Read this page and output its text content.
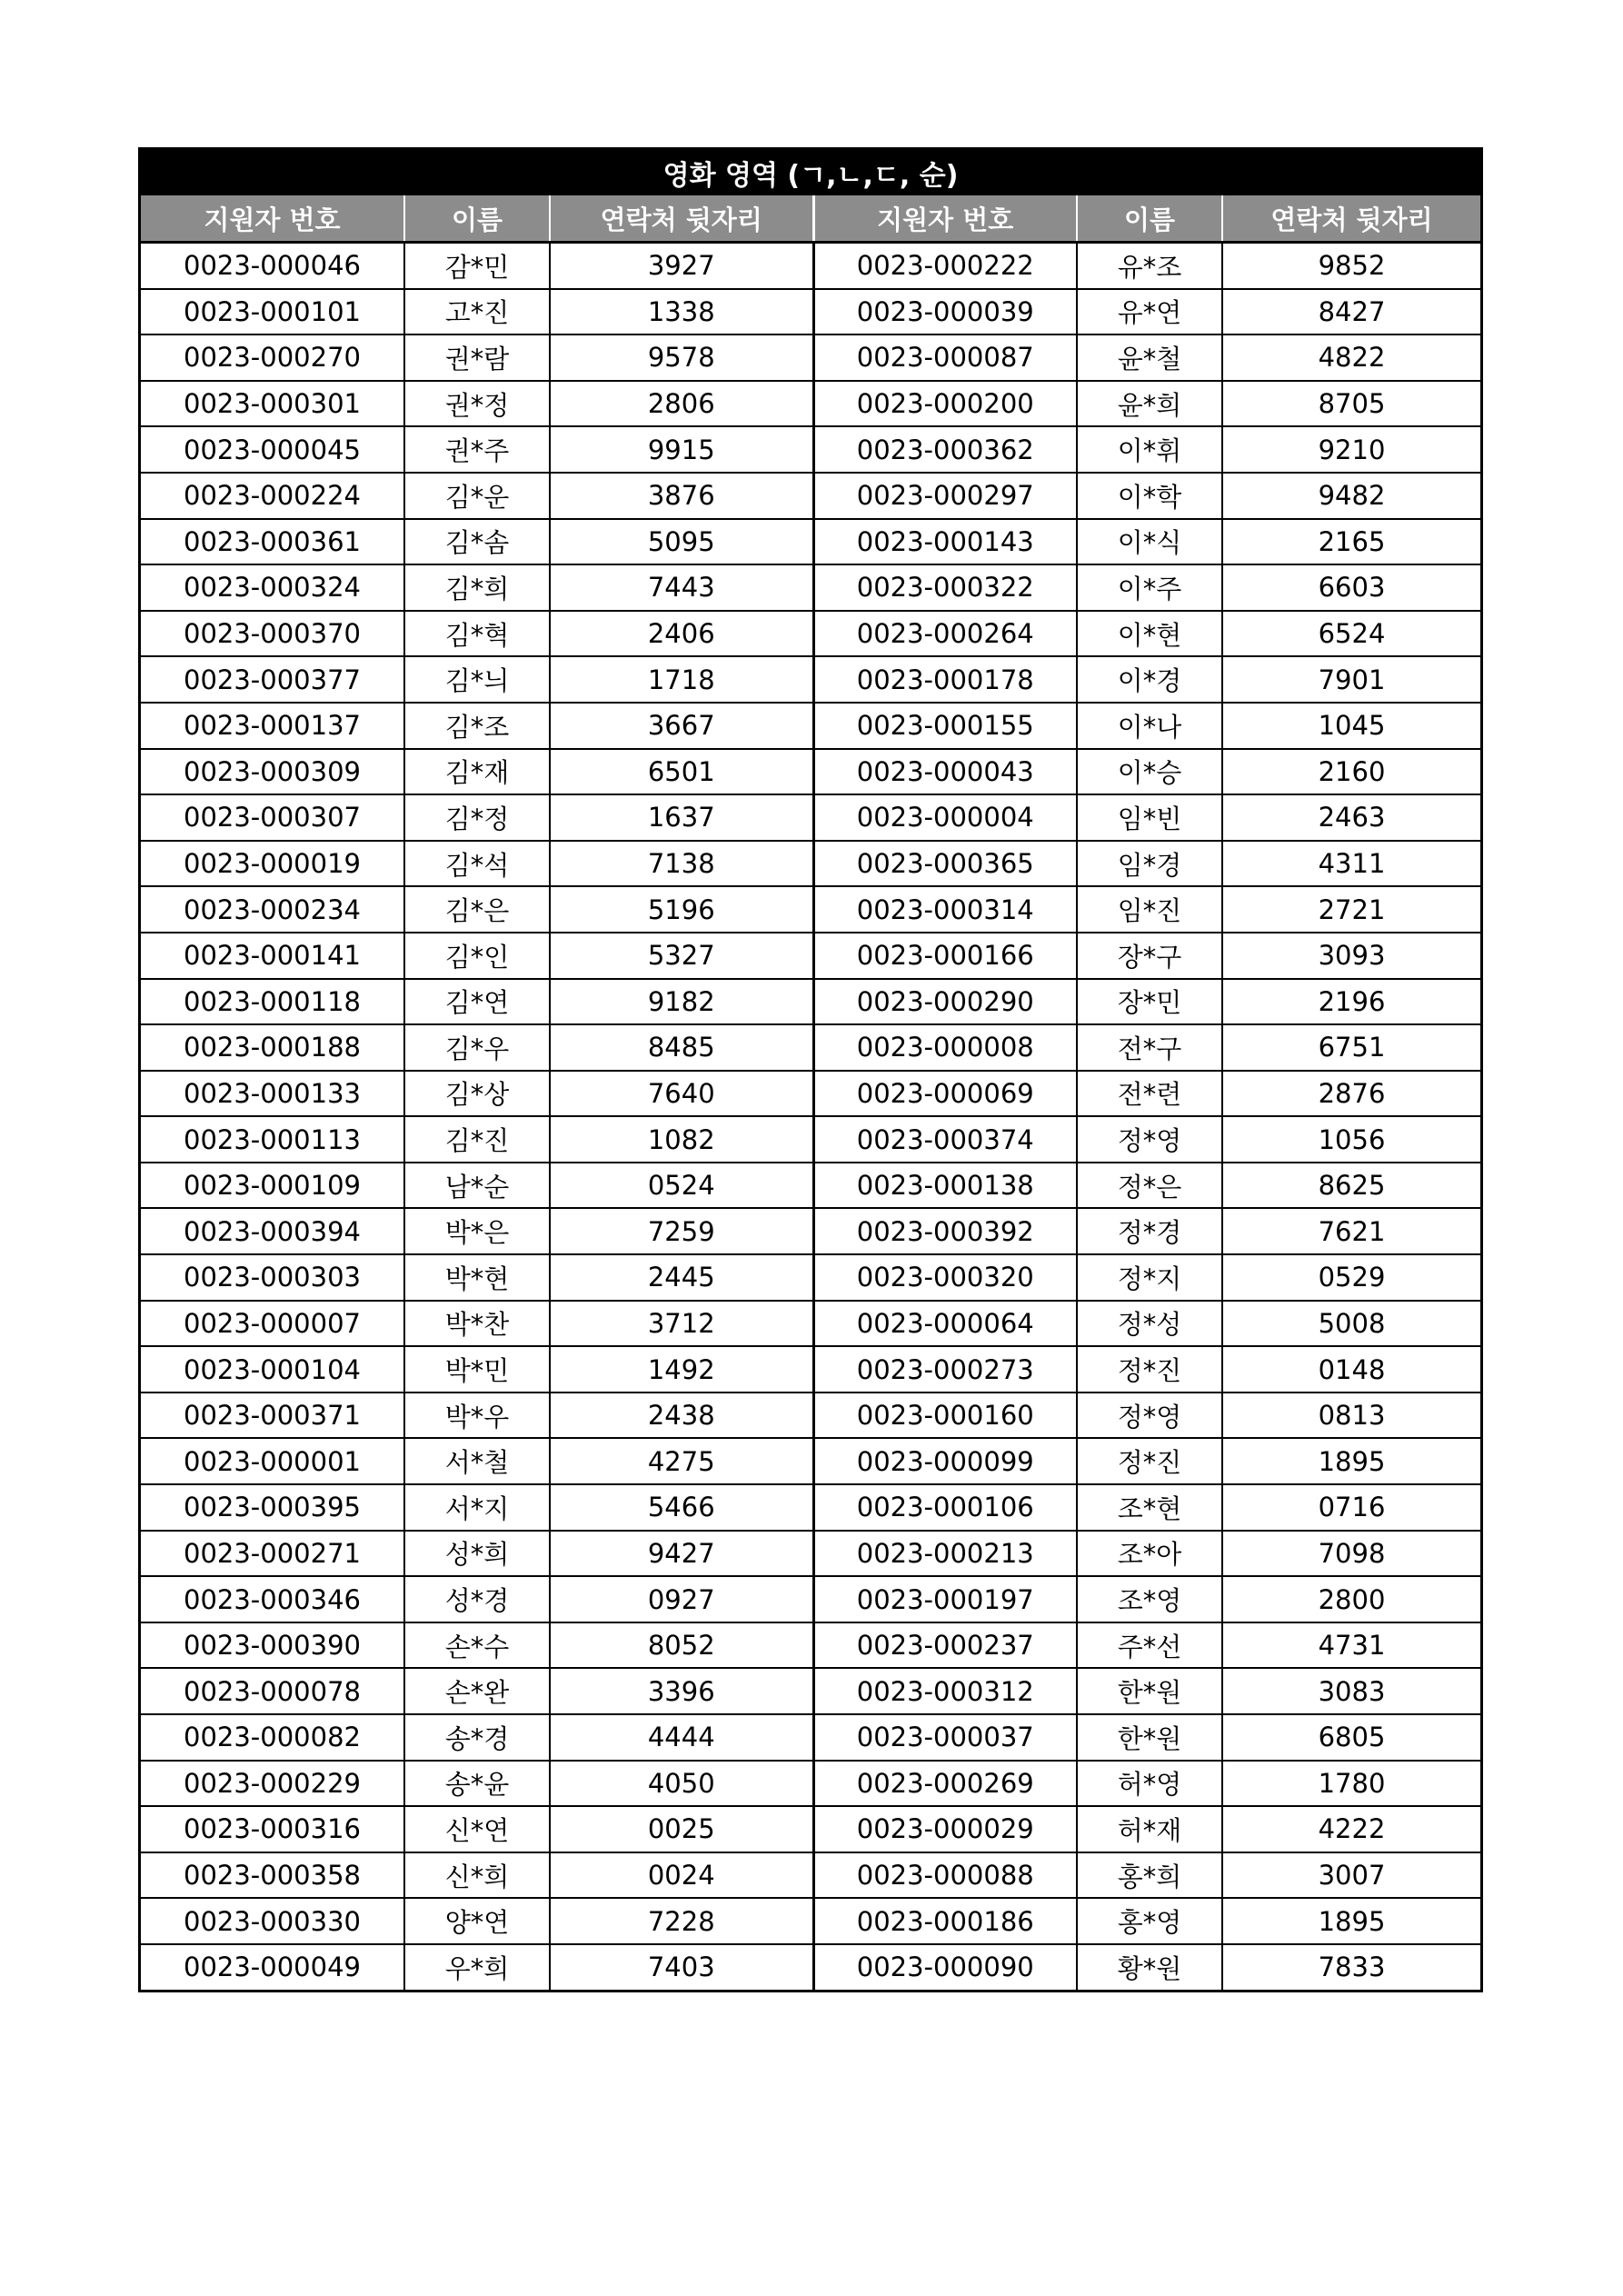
영화 영역 (ㄱ,ㄴ,ㄷ, 순)					
지원자 번호	이름	연락처 뒷자리	지원자 번호	이름	연락처 뒷자리
0023-000046	감*민	3927	0023-000222	유*조	9852
0023-000101	고*진	1338	0023-000039	유*연	8427
0023-000270	권*람	9578	0023-000087	윤*철	4822
0023-000301	권*정	2806	0023-000200	윤*희	8705
0023-000045	권*주	9915	0023-000362	이*휘	9210
0023-000224	김*운	3876	0023-000297	이*학	9482
0023-000361	김*솜	5095	0023-000143	이*식	2165
0023-000324	김*희	7443	0023-000322	이*주	6603
0023-000370	김*혁	2406	0023-000264	이*현	6524
0023-000377	김*늬	1718	0023-000178	이*경	7901
0023-000137	김*조	3667	0023-000155	이*나	1045
0023-000309	김*재	6501	0023-000043	이*승	2160
0023-000307	김*정	1637	0023-000004	임*빈	2463
0023-000019	김*석	7138	0023-000365	임*경	4311
0023-000234	김*은	5196	0023-000314	임*진	2721
0023-000141	김*인	5327	0023-000166	장*구	3093
0023-000118	김*연	9182	0023-000290	장*민	2196
0023-000188	김*우	8485	0023-000008	전*구	6751
0023-000133	김*상	7640	0023-000069	전*련	2876
0023-000113	김*진	1082	0023-000374	정*영	1056
0023-000109	남*순	0524	0023-000138	정*은	8625
0023-000394	박*은	7259	0023-000392	정*경	7621
0023-000303	박*현	2445	0023-000320	정*지	0529
0023-000007	박*찬	3712	0023-000064	정*성	5008
0023-000104	박*민	1492	0023-000273	정*진	0148
0023-000371	박*우	2438	0023-000160	정*영	0813
0023-000001	서*철	4275	0023-000099	정*진	1895
0023-000395	서*지	5466	0023-000106	조*현	0716
0023-000271	성*희	9427	0023-000213	조*아	7098
0023-000346	성*경	0927	0023-000197	조*영	2800
0023-000390	손*수	8052	0023-000237	주*선	4731
0023-000078	손*완	3396	0023-000312	한*원	3083
0023-000082	송*경	4444	0023-000037	한*원	6805
0023-000229	송*윤	4050	0023-000269	허*영	1780
0023-000316	신*연	0025	0023-000029	허*재	4222
0023-000358	신*희	0024	0023-000088	홍*희	3007
0023-000330	양*연	7228	0023-000186	홍*영	1895
0023-000049	우*희	7403	0023-000090	황*원	7833
